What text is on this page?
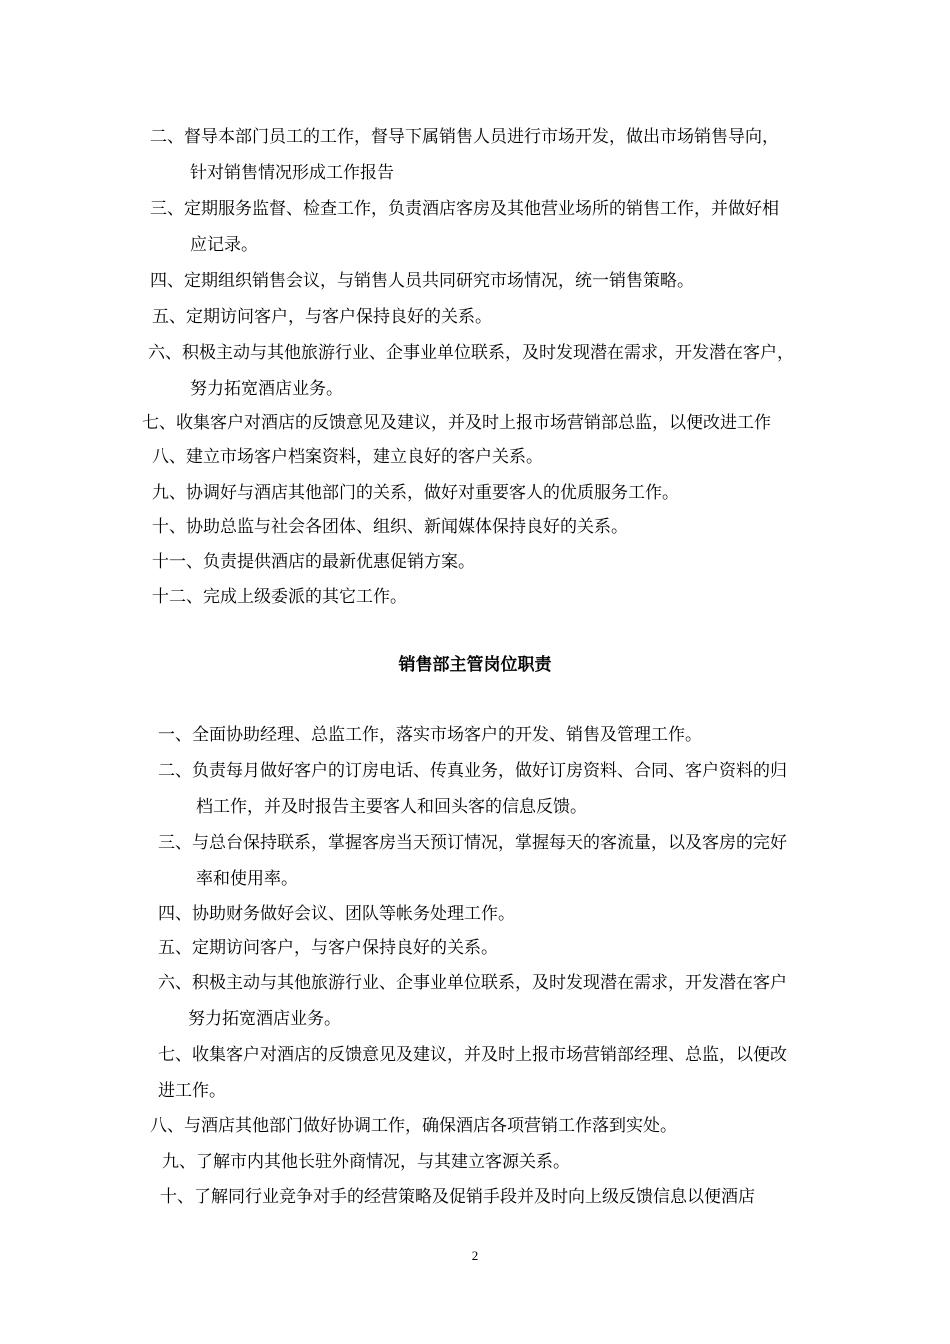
二、督导本部门员工的工作，督导下属销售人员进行市场开发，做出市场销售导向，
针对销售情况形成工作报告
三、定期服务监督、检查工作，负责酒店客房及其他营业场所的销售工作，并做好相
应记录。
四、定期组织销售会议，与销售人员共同研究市场情况，统一销售策略。
五、定期访问客户，与客户保持良好的关系。
六、积极主动与其他旅游行业、企事业单位联系，及时发现潜在需求，开发潜在客户，
努力拓宽酒店业务。
七、收集客户对酒店的反馈意见及建议，并及时上报市场营销部总监，以便改进工作
八、建立市场客户档案资料，建立良好的客户关系。
九、协调好与酒店其他部门的关系，做好对重要客人的优质服务工作。
十、协助总监与社会各团体、组织、新闻媒体保持良好的关系。
十一、负责提供酒店的最新优惠促销方案。
十二、完成上级委派的其它工作。
销售部主管岗位职责
一、全面协助经理、总监工作，落实市场客户的开发、销售及管理工作。
二、负责每月做好客户的订房电话、传真业务，做好订房资料、合同、客户资料的归
档工作，并及时报告主要客人和回头客的信息反馈。
三、与总台保持联系，掌握客房当天预订情况，掌握每天的客流量，以及客房的完好
率和使用率。
四、协助财务做好会议、团队等帐务处理工作。
五、定期访问客户，与客户保持良好的关系。
六、积极主动与其他旅游行业、企事业单位联系，及时发现潜在需求，开发潜在客户
努力拓宽酒店业务。
七、收集客户对酒店的反馈意见及建议，并及时上报市场营销部经理、总监，以便改
进工作。
八、与酒店其他部门做好协调工作，确保酒店各项营销工作落到实处。
九、了解市内其他长驻外商情况，与其建立客源关系。
十、了解同行业竞争对手的经营策略及促销手段并及时向上级反馈信息以便酒店
2
